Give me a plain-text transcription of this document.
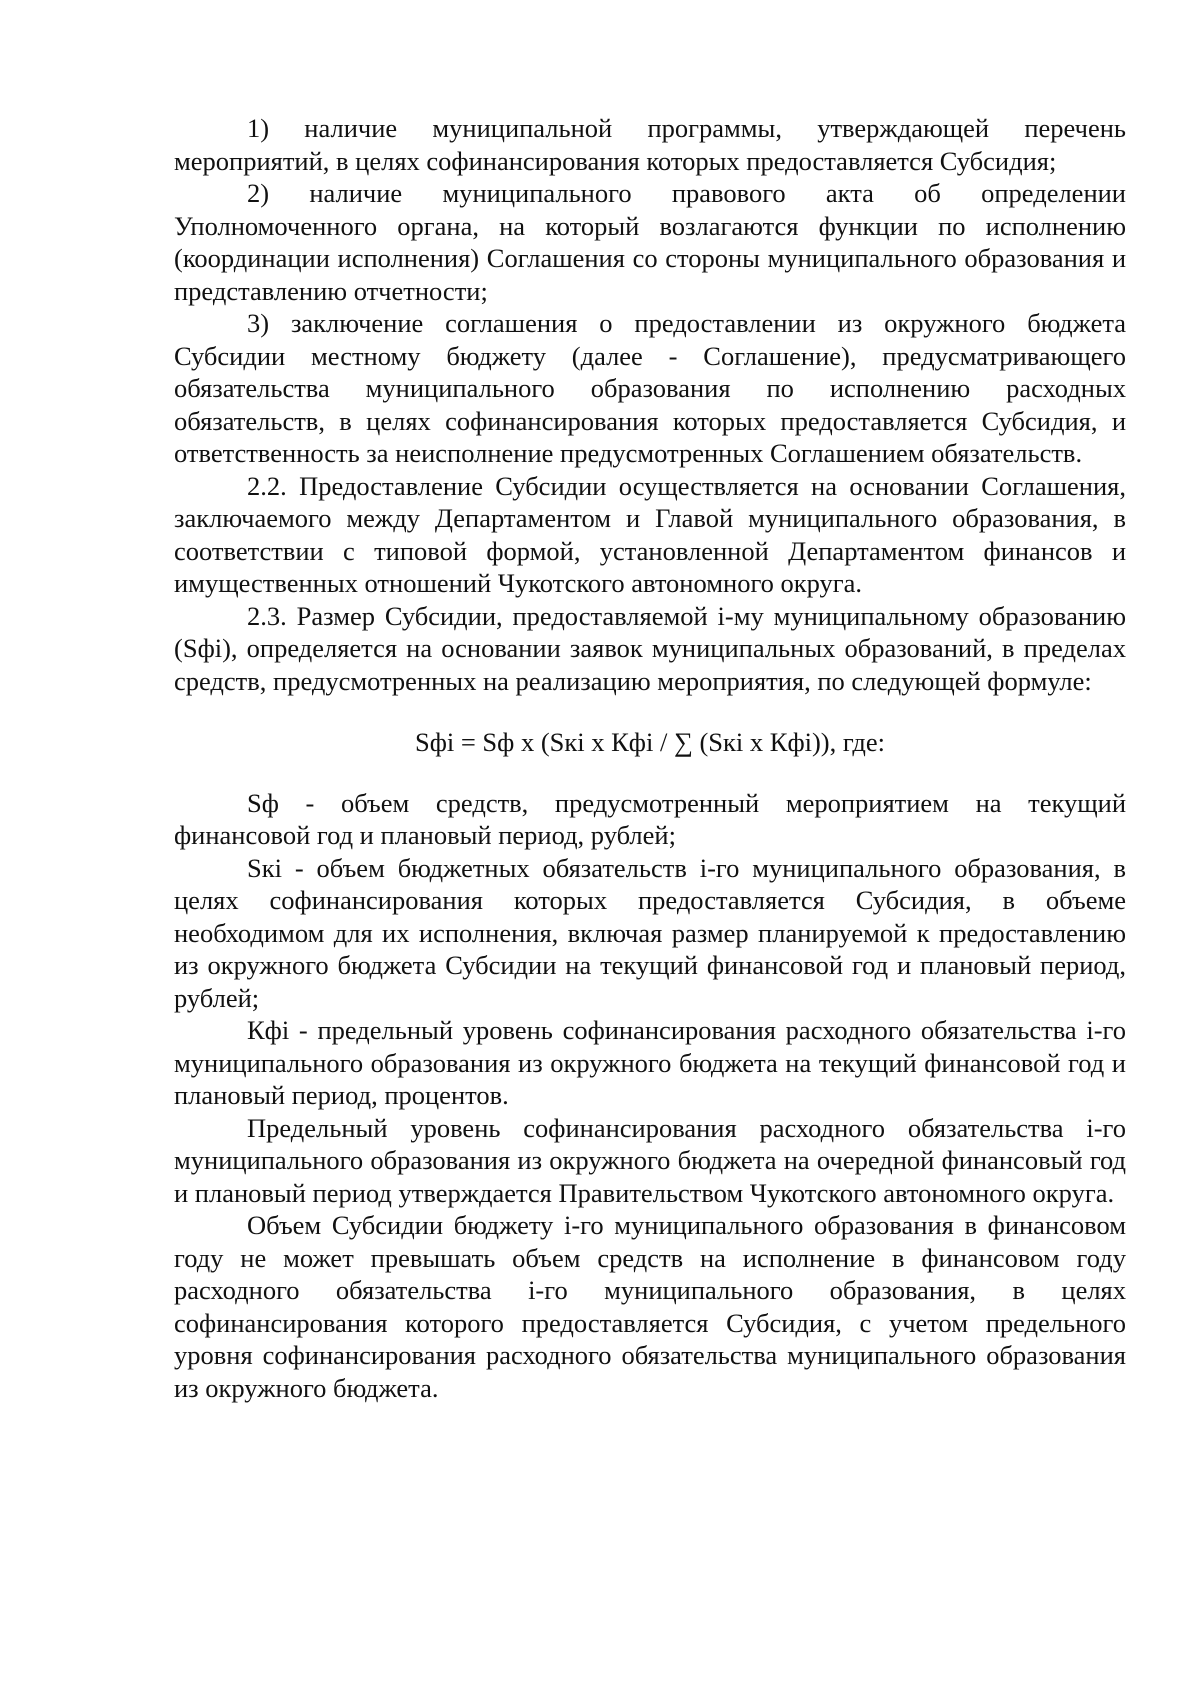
1) наличие муниципальной программы, утверждающей перечень мероприятий, в целях софинансирования которых предоставляется Субсидия;

2) наличие муниципального правового акта об определении Уполномоченного органа, на который возлагаются функции по исполнению (координации исполнения) Соглашения со стороны муниципального образования и представлению отчетности;

3) заключение соглашения о предоставлении из окружного бюджета Субсидии местному бюджету (далее - Соглашение), предусматривающего обязательства муниципального образования по исполнению расходных обязательств, в целях софинансирования которых предоставляется Субсидия, и ответственность за неисполнение предусмотренных Соглашением обязательств.

2.2. Предоставление Субсидии осуществляется на основании Соглашения, заключаемого между Департаментом и Главой муниципального образования, в соответствии с типовой формой, установленной Департаментом финансов и имущественных отношений Чукотского автономного округа.

2.3. Размер Субсидии, предоставляемой i-му муниципальному образованию (Sфi), определяется на основании заявок муниципальных образований, в пределах средств, предусмотренных на реализацию мероприятия, по следующей формуле:

Sфi = Sф x (Sкi x Кфi / ∑ (Sкi x Кфi)), где:

Sф - объем средств, предусмотренный мероприятием на текущий финансовой год и плановый период, рублей;

Sкi - объем бюджетных обязательств i-го муниципального образования, в целях софинансирования которых предоставляется Субсидия, в объеме необходимом для их исполнения, включая размер планируемой к предоставлению из окружного бюджета Субсидии на текущий финансовой год и плановый период, рублей;

Кфi - предельный уровень софинансирования расходного обязательства i-го муниципального образования из окружного бюджета на текущий финансовой год и плановый период, процентов.

Предельный уровень софинансирования расходного обязательства i-го муниципального образования из окружного бюджета на очередной финансовый год и плановый период утверждается Правительством Чукотского автономного округа.

Объем Субсидии бюджету i-го муниципального образования в финансовом году не может превышать объем средств на исполнение в финансовом году расходного обязательства i-го муниципального образования, в целях софинансирования которого предоставляется Субсидия, с учетом предельного уровня софинансирования расходного обязательства муниципального образования из окружного бюджета.
